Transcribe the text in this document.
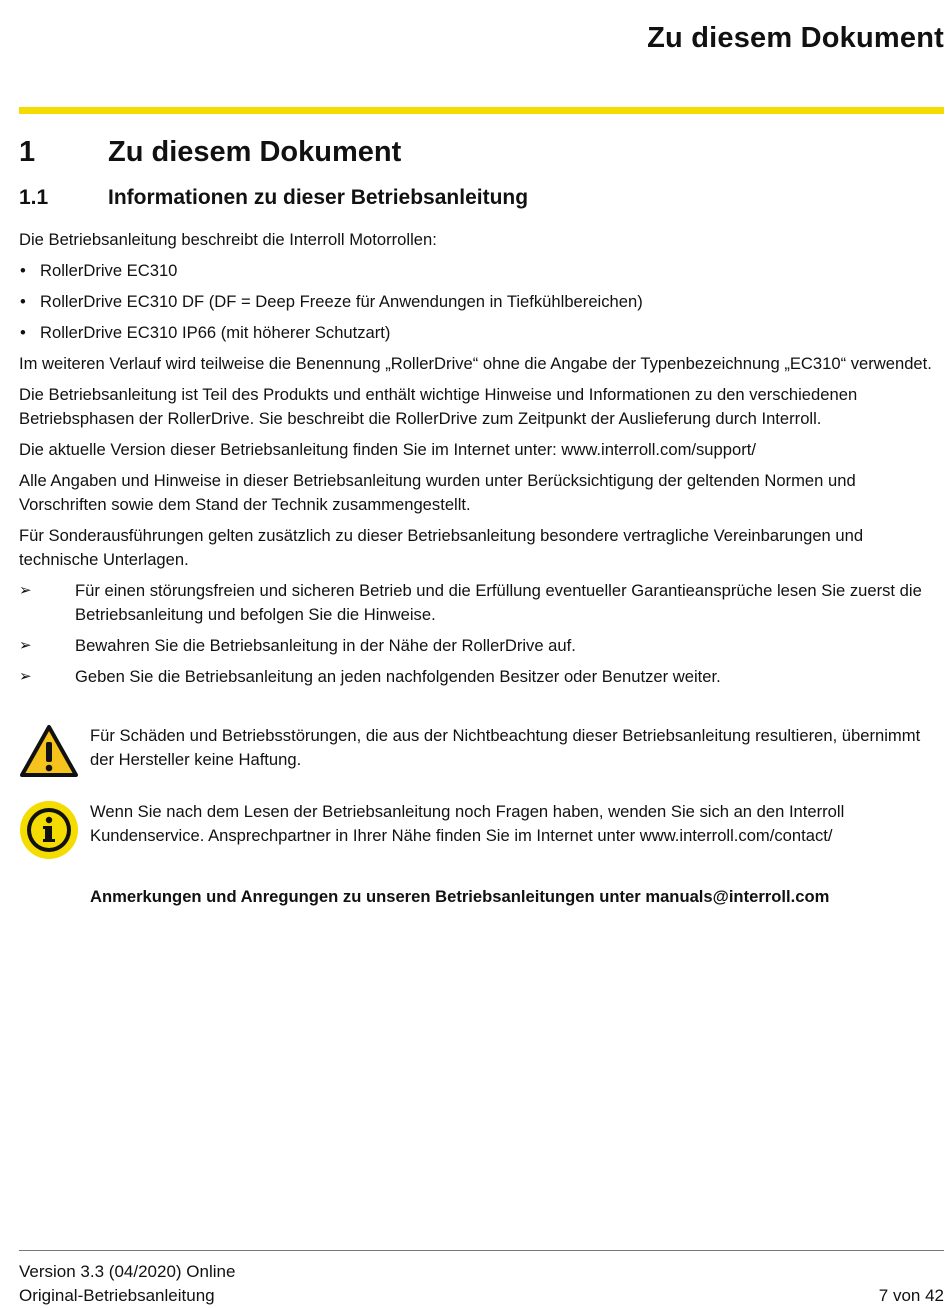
Zu diesem Dokument
1	Zu diesem Dokument
1.1	Informationen zu dieser Betriebsanleitung

Die Betriebsanleitung beschreibt die Interroll Motorrollen:

• RollerDrive EC310
• RollerDrive EC310 DF (DF = Deep Freeze für Anwendungen in Tiefkühlbereichen)
• RollerDrive EC310 IP66 (mit höherer Schutzart)

Im weiteren Verlauf wird teilweise die Benennung „RollerDrive“ ohne die Angabe der Typenbezeichnung „EC310“ verwendet.

Die Betriebsanleitung ist Teil des Produkts und enthält wichtige Hinweise und Informationen zu den verschiedenen Betriebsphasen der RollerDrive. Sie beschreibt die RollerDrive zum Zeitpunkt der Auslieferung durch Interroll.

Die aktuelle Version dieser Betriebsanleitung finden Sie im Internet unter: www.interroll.com/support/

Alle Angaben und Hinweise in dieser Betriebsanleitung wurden unter Berücksichtigung der geltenden Normen und Vorschriften sowie dem Stand der Technik zusammengestellt.

Für Sonderausführungen gelten zusätzlich zu dieser Betriebsanleitung besondere vertragliche Vereinbarungen und technische Unterlagen.

➢	Für einen störungsfreien und sicheren Betrieb und die Erfüllung eventueller Garantieansprüche lesen Sie zuerst die Betriebsanleitung und befolgen Sie die Hinweise.
➢	Bewahren Sie die Betriebsanleitung in der Nähe der RollerDrive auf.
➢	Geben Sie die Betriebsanleitung an jeden nachfolgenden Besitzer oder Benutzer weiter.
Für Schäden und Betriebsstörungen, die aus der Nichtbeachtung dieser Betriebsanleitung resultieren, übernimmt der Hersteller keine Haftung.
Wenn Sie nach dem Lesen der Betriebsanleitung noch Fragen haben, wenden Sie sich an den Interroll Kundenservice. Ansprechpartner in Ihrer Nähe finden Sie im Internet unter www.interroll.com/contact/
Anmerkungen und Anregungen zu unseren Betriebsanleitungen unter manuals@interroll.com
Version 3.3 (04/2020) Online
Original-Betriebsanleitung	7 von 42
